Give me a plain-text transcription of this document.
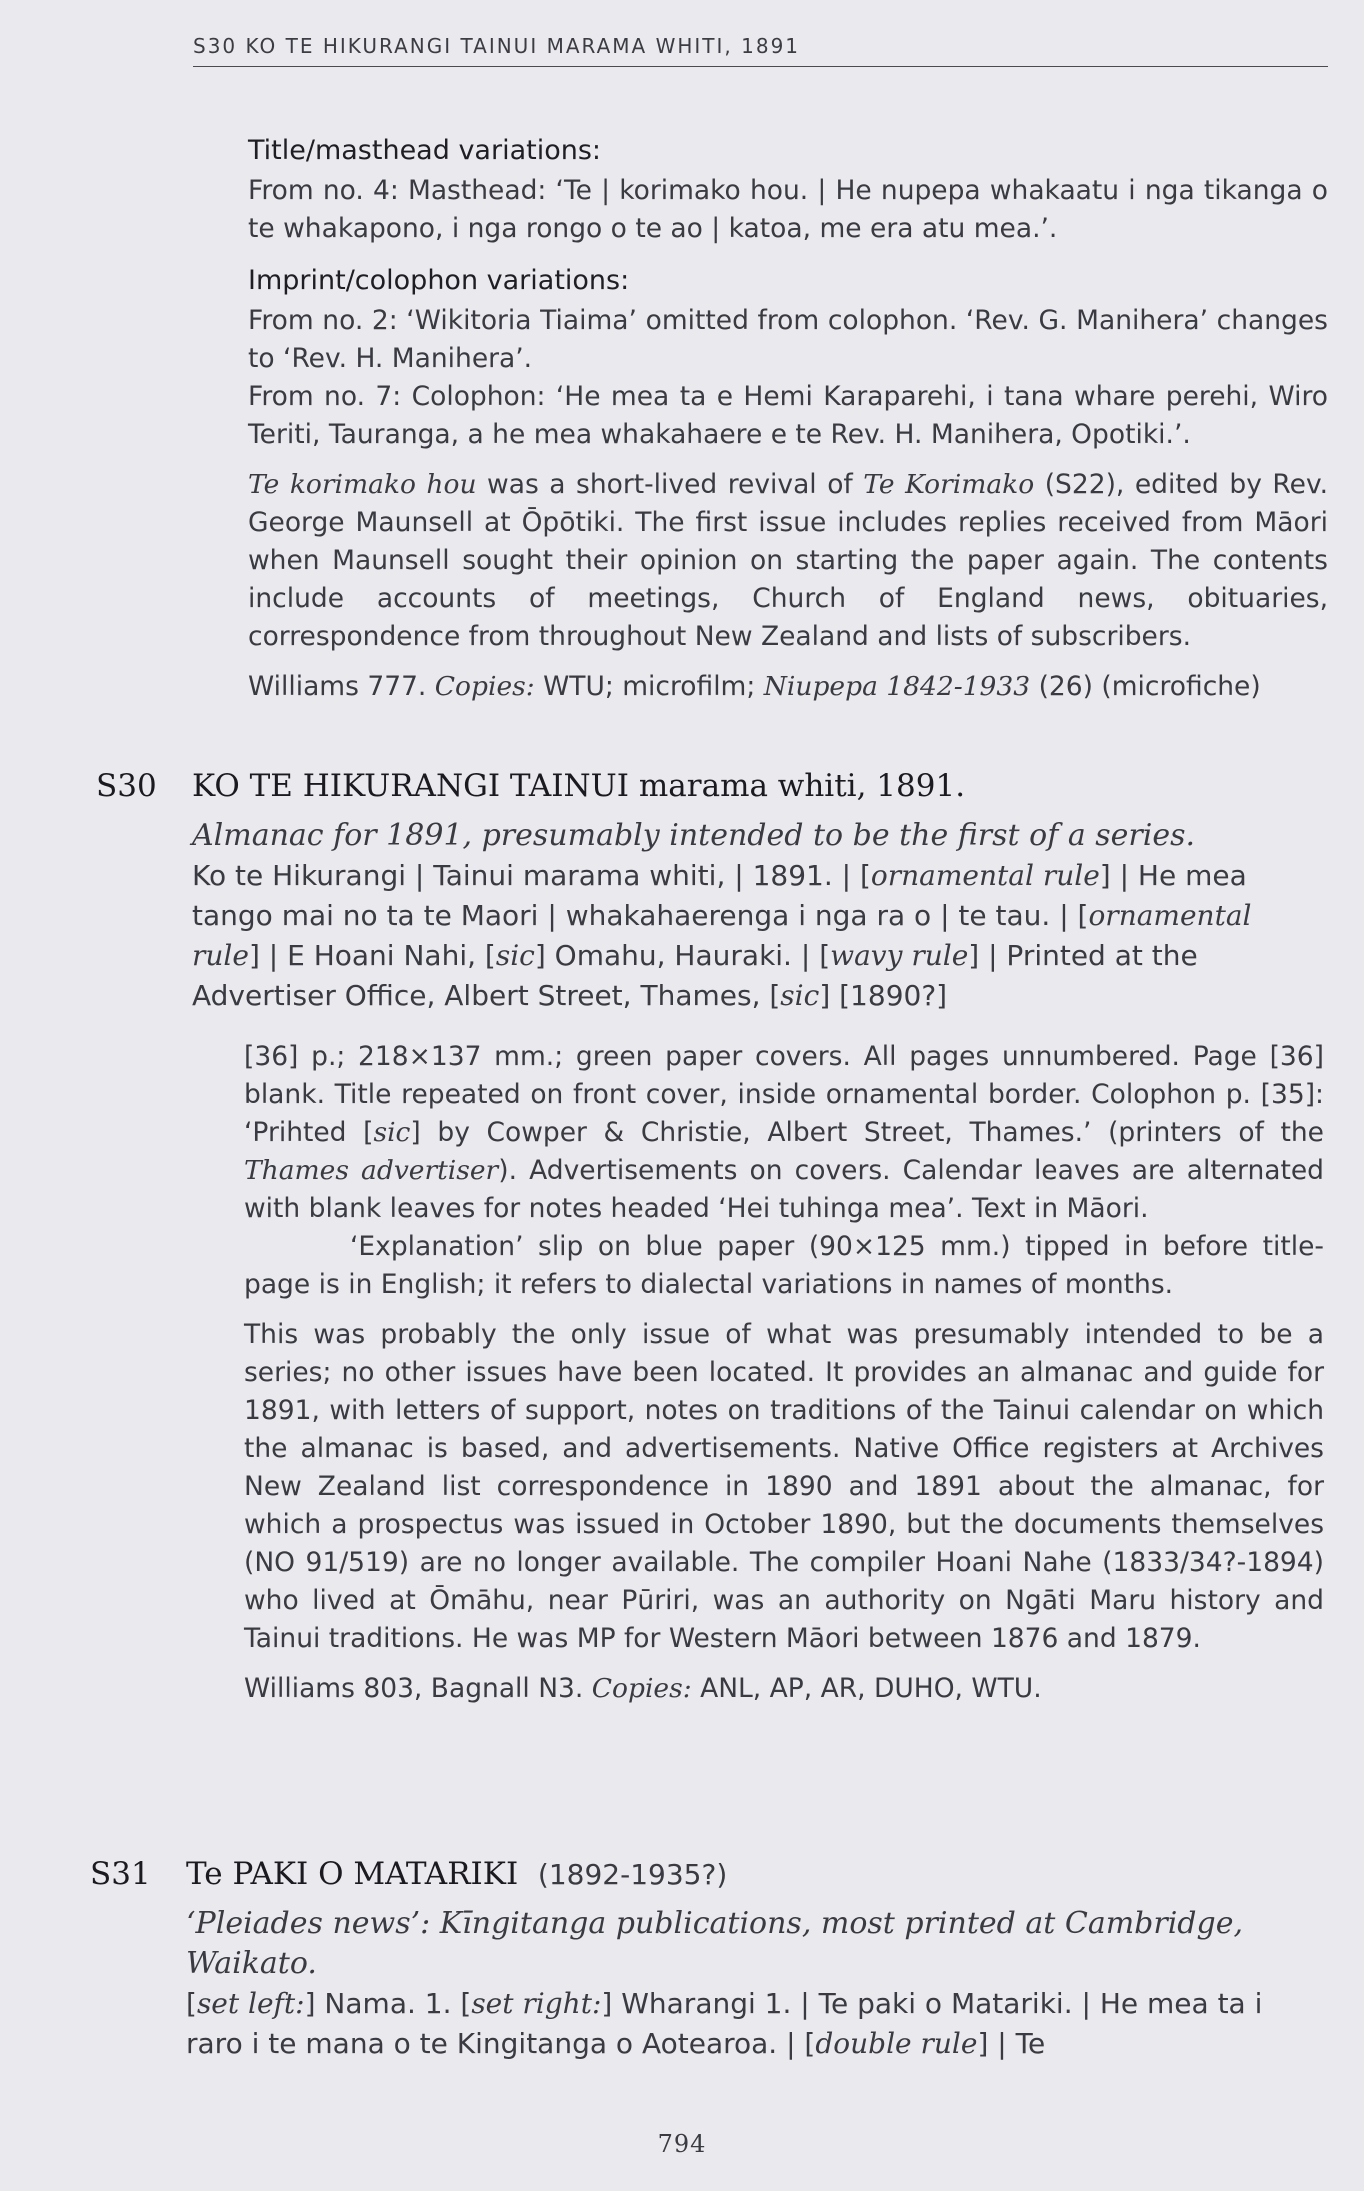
S30 KO TE HIKURANGI TAINUI MARAMA WHITI, 1891
Title/masthead variations:

From no. 4: Masthead: ‘Te | korimako hou. | He nupepa whakaatu i nga tikanga o te whakapono, i nga rongo o te ao | katoa, me era atu mea.’.

Imprint/colophon variations:

From no. 2: ‘Wikitoria Tiaima’ omitted from colophon. ‘Rev. G. Manihera’ changes to ‘Rev. H. Manihera’.

From no. 7: Colophon: ‘He mea ta e Hemi Karaparehi, i tana whare perehi, Wiro Teriti, Tauranga, a he mea whakahaere e te Rev. H. Manihera, Opotiki.’.

Te korimako hou was a short-lived revival of Te Korimako (S22), edited by Rev. George Maunsell at Ōpōtiki. The first issue includes replies received from Māori when Maunsell sought their opinion on starting the paper again. The contents include accounts of meetings, Church of England news, obituaries, correspondence from throughout New Zealand and lists of subscribers.

Williams 777. Copies: WTU; microfilm; Niupepa 1842-1933 (26) (microfiche)

S30 KO TE HIKURANGI TAINUI marama whiti, 1891.
Almanac for 1891, presumably intended to be the first of a series.
Ko te Hikurangi | Tainui marama whiti, | 1891. | [ornamental rule] | He mea tango mai no ta te Maori | whakahaerenga i nga ra o | te tau. | [ornamental rule] | E Hoani Nahi, [sic] Omahu, Hauraki. | [wavy rule] | Printed at the Advertiser Office, Albert Street, Thames, [sic] [1890?]

[36] p.; 218×137 mm.; green paper covers. All pages unnumbered. Page [36] blank. Title repeated on front cover, inside ornamental border. Colophon p. [35]: ‘Prihted [sic] by Cowper & Christie, Albert Street, Thames.’ (printers of the Thames advertiser). Advertisements on covers. Calendar leaves are alternated with blank leaves for notes headed ‘Hei tuhinga mea’. Text in Māori.

‘Explanation’ slip on blue paper (90×125 mm.) tipped in before title-page is in English; it refers to dialectal variations in names of months.

This was probably the only issue of what was presumably intended to be a series; no other issues have been located. It provides an almanac and guide for 1891, with letters of support, notes on traditions of the Tainui calendar on which the almanac is based, and advertisements. Native Office registers at Archives New Zealand list correspondence in 1890 and 1891 about the almanac, for which a prospectus was issued in October 1890, but the documents themselves (NO 91/519) are no longer available. The compiler Hoani Nahe (1833/34?-1894) who lived at Ōmāhu, near Pūriri, was an authority on Ngāti Maru history and Tainui traditions. He was MP for Western Māori between 1876 and 1879.

Williams 803, Bagnall N3. Copies: ANL, AP, AR, DUHO, WTU.

S31 Te PAKI O MATARIKI (1892-1935?)
‘Pleiades news’: Kīngitanga publications, most printed at Cambridge, Waikato.
[set left:] Nama. 1. [set right:] Wharangi 1. | Te paki o Matariki. | He mea ta i raro i te mana o te Kingitanga o Aotearoa. | [double rule] | Te
794
